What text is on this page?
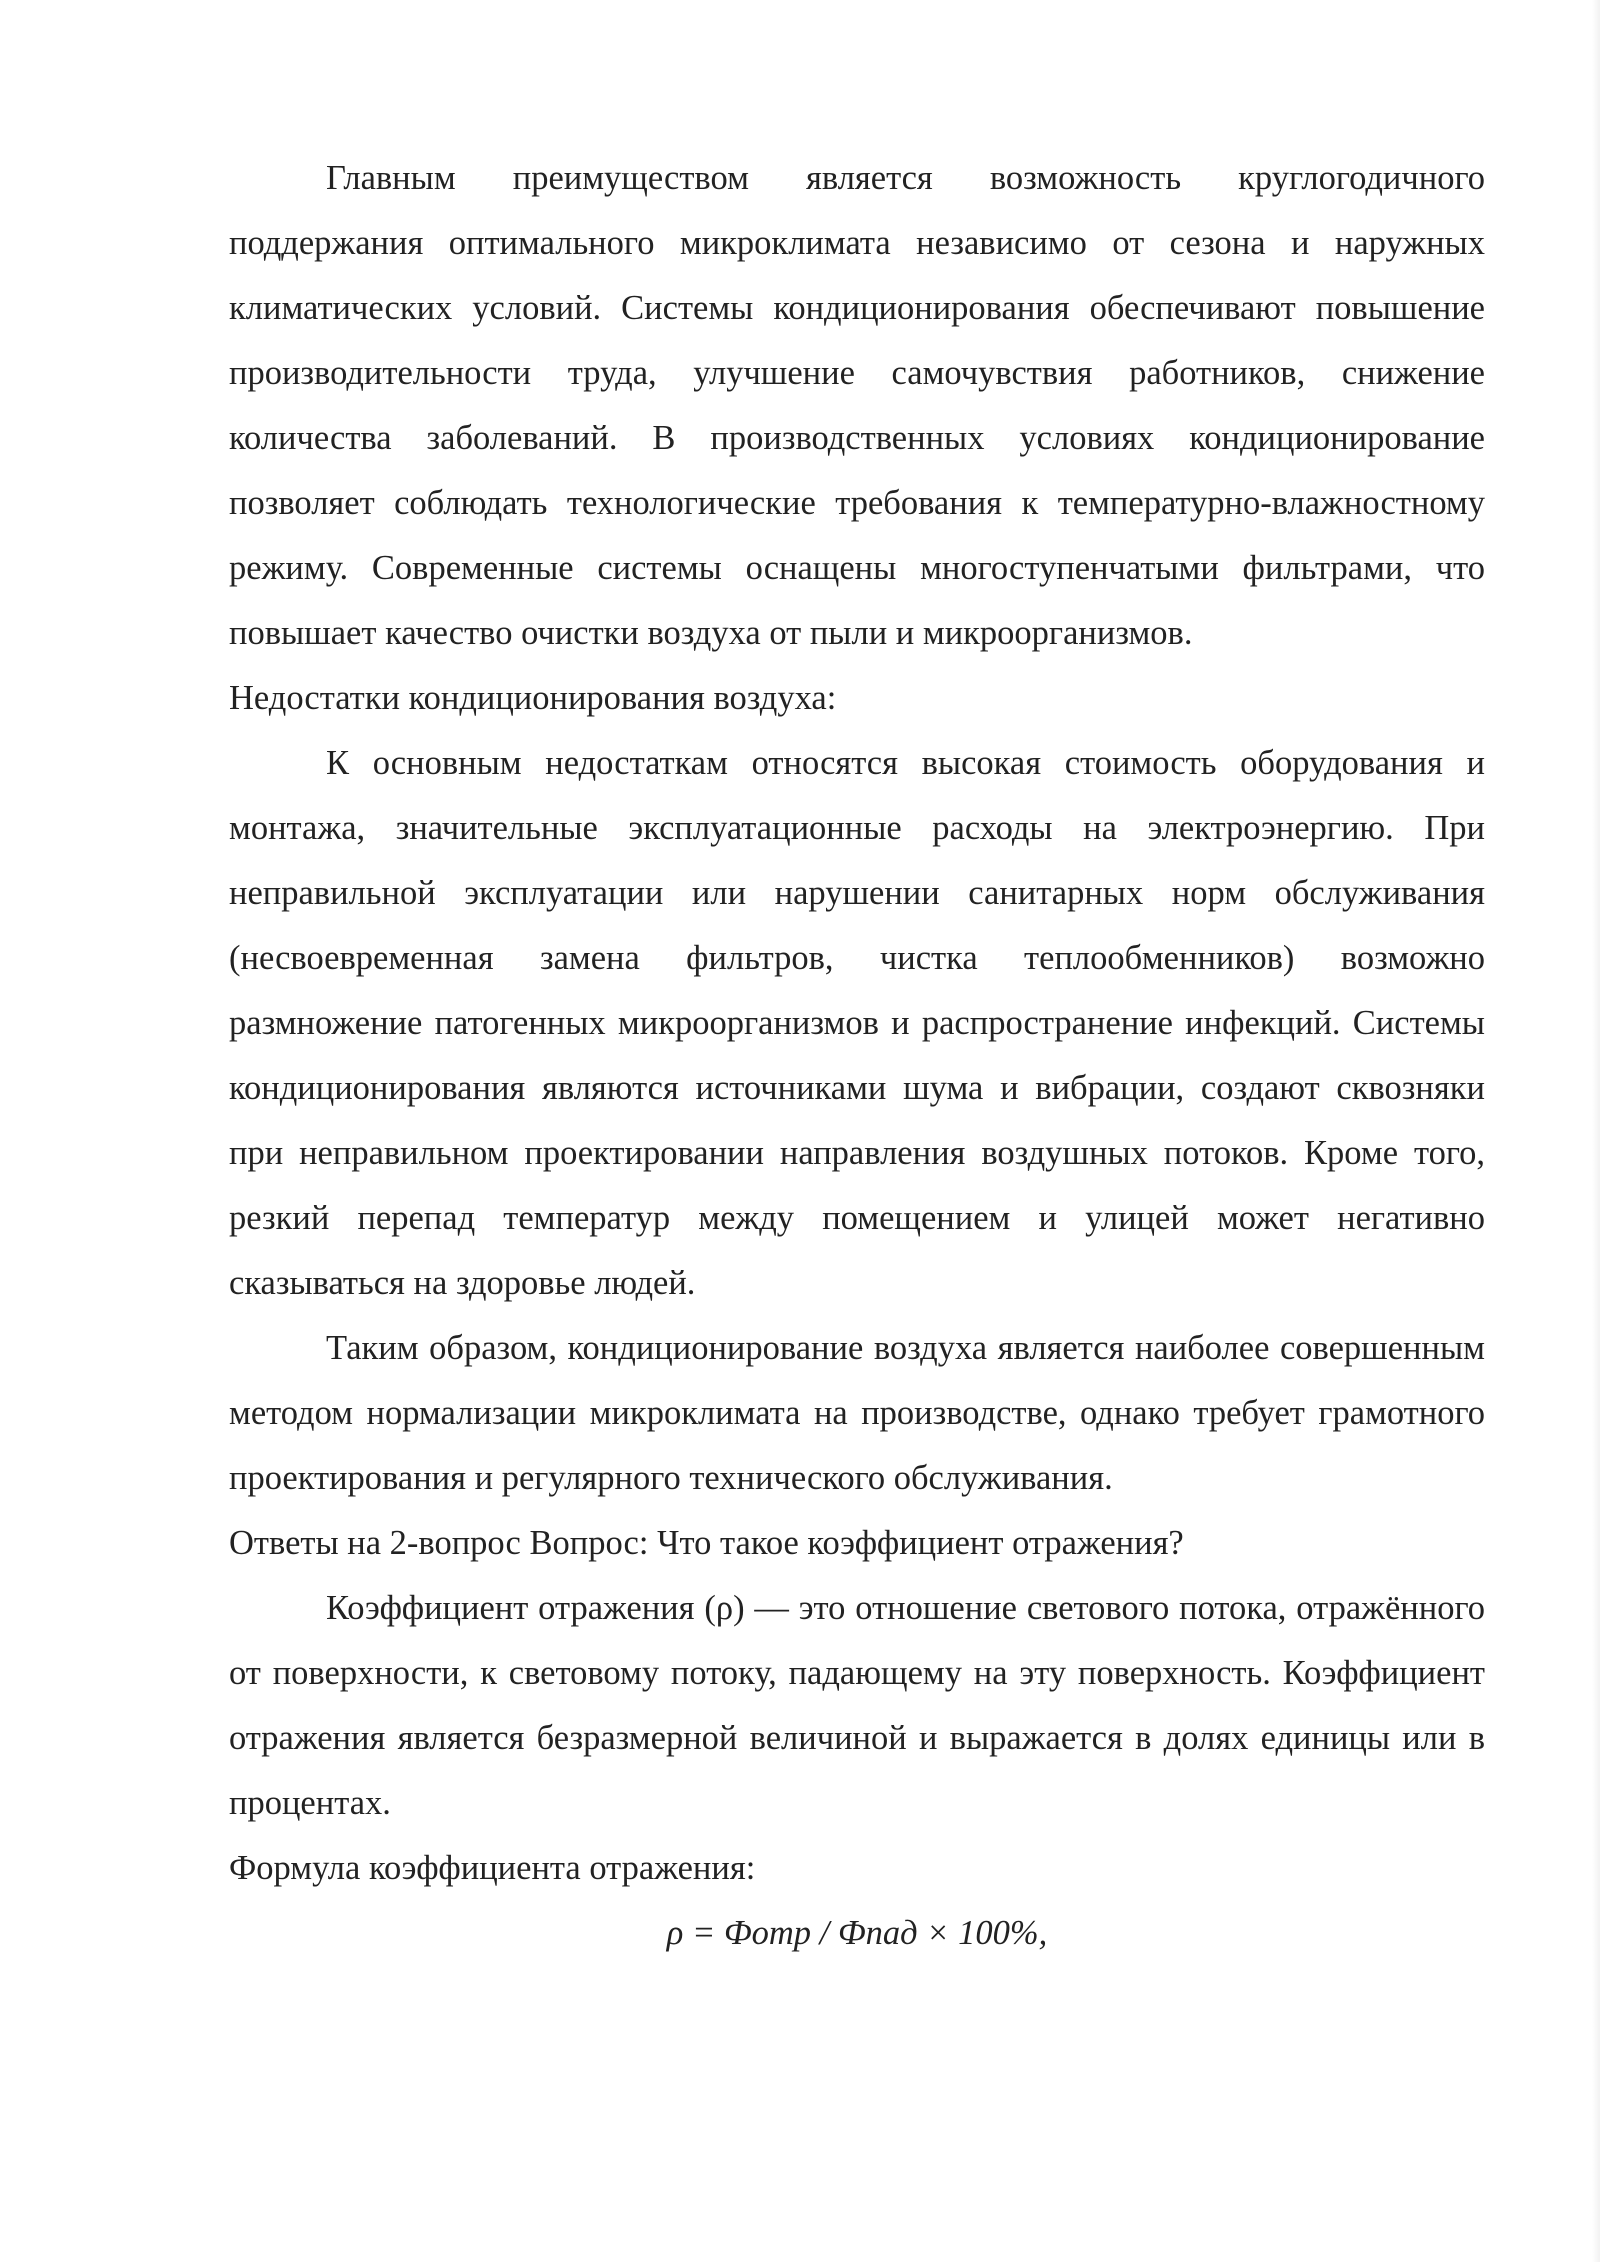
Главным преимуществом является возможность круглогодичного поддержания оптимального микроклимата независимо от сезона и наружных климатических условий. Системы кондиционирования обеспечивают повышение производительности труда, улучшение самочувствия работников, снижение количества заболеваний. В производственных условиях кондиционирование позволяет соблюдать технологические требования к температурно-влажностному режиму. Современные системы оснащены многоступенчатыми фильтрами, что повышает качество очистки воздуха от пыли и микроорганизмов.

Недостатки кондиционирования воздуха:

К основным недостаткам относятся высокая стоимость оборудования и монтажа, значительные эксплуатационные расходы на электроэнергию. При неправильной эксплуатации или нарушении санитарных норм обслуживания (несвоевременная замена фильтров, чистка теплообменников) возможно размножение патогенных микроорганизмов и распространение инфекций. Системы кондиционирования являются источниками шума и вибрации, создают сквозняки при неправильном проектировании направления воздушных потоков. Кроме того, резкий перепад температур между помещением и улицей может негативно сказываться на здоровье людей.

Таким образом, кондиционирование воздуха является наиболее совершенным методом нормализации микроклимата на производстве, однако требует грамотного проектирования и регулярного технического обслуживания.

Ответы на 2-вопрос Вопрос: Что такое коэффициент отражения?

Коэффициент отражения (ρ) — это отношение светового потока, отражённого от поверхности, к световому потоку, падающему на эту поверхность. Коэффициент отражения является безразмерной величиной и выражается в долях единицы или в процентах.

Формула коэффициента отражения:

ρ = Фотр / Фпад × 100%,
